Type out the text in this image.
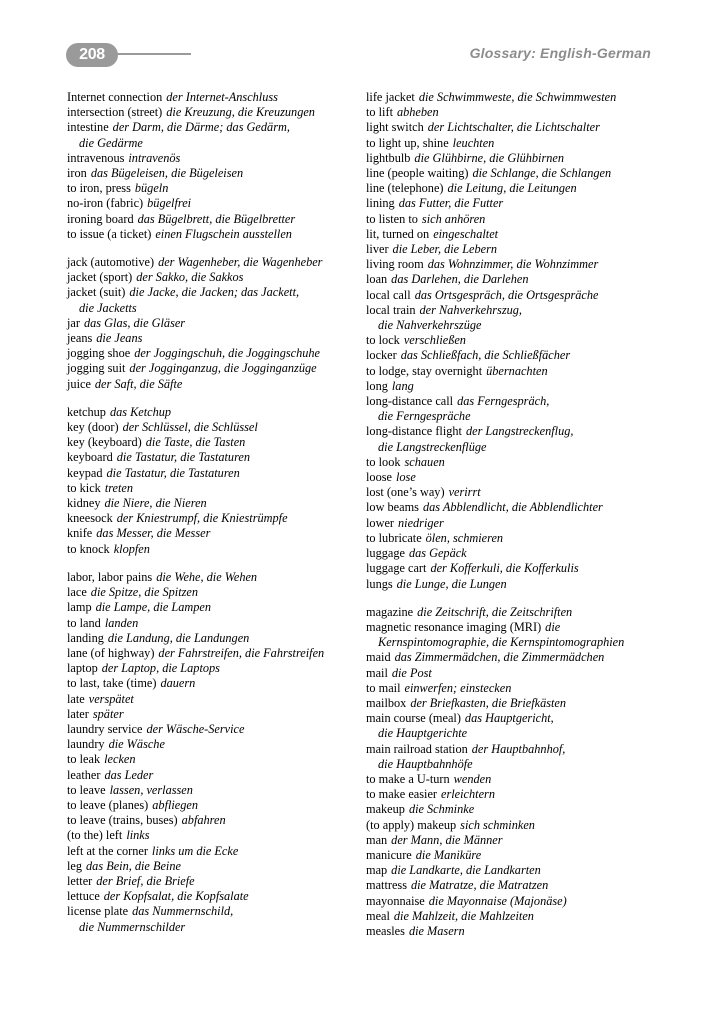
208	Glossary: English-German
Internet connection der Internet-Anschluss
intersection (street) die Kreuzung, die Kreuzungen
intestine der Darm, die Därme; das Gedärm,
die Gedärme
intravenous intravenös
iron das Bügeleisen, die Bügeleisen
to iron, press bügeln
no-iron (fabric) bügelfrei
ironing board das Bügelbrett, die Bügelbretter
to issue (a ticket) einen Flugschein ausstellen
jack (automotive) der Wagenheber, die Wagenheber
jacket (sport) der Sakko, die Sakkos
jacket (suit) die Jacke, die Jacken; das Jackett,
die Jacketts
jar das Glas, die Gläser
jeans die Jeans
jogging shoe der Joggingschuh, die Joggingschuhe
jogging suit der Jogginganzug, die Jogginganzüge
juice der Saft, die Säfte
ketchup das Ketchup
key (door) der Schlüssel, die Schlüssel
key (keyboard) die Taste, die Tasten
keyboard die Tastatur, die Tastaturen
keypad die Tastatur, die Tastaturen
to kick treten
kidney die Niere, die Nieren
kneesock der Kniestrumpf, die Kniestrümpfe
knife das Messer, die Messer
to knock klopfen
labor, labor pains die Wehe, die Wehen
lace die Spitze, die Spitzen
lamp die Lampe, die Lampen
to land landen
landing die Landung, die Landungen
lane (of highway) der Fahrstreifen, die Fahrstreifen
laptop der Laptop, die Laptops
to last, take (time) dauern
late verspätet
later später
laundry service der Wäsche-Service
laundry die Wäsche
to leak lecken
leather das Leder
to leave lassen, verlassen
to leave (planes) abfliegen
to leave (trains, buses) abfahren
(to the) left links
left at the corner links um die Ecke
leg das Bein, die Beine
letter der Brief, die Briefe
lettuce der Kopfsalat, die Kopfsalate
license plate das Nummernschild,
die Nummernschilder
life jacket die Schwimmweste, die Schwimmwesten
to lift abheben
light switch der Lichtschalter, die Lichtschalter
to light up, shine leuchten
lightbulb die Glühbirne, die Glühbirnen
line (people waiting) die Schlange, die Schlangen
line (telephone) die Leitung, die Leitungen
lining das Futter, die Futter
to listen to sich anhören
lit, turned on eingeschaltet
liver die Leber, die Lebern
living room das Wohnzimmer, die Wohnzimmer
loan das Darlehen, die Darlehen
local call das Ortsgespräch, die Ortsgespräche
local train der Nahverkehrszug,
die Nahverkehrszüge
to lock verschließen
locker das Schließfach, die Schließfächer
to lodge, stay overnight übernachten
long lang
long-distance call das Ferngespräch,
die Ferngespräche
long-distance flight der Langstreckenflug,
die Langstreckenflüge
to look schauen
loose lose
lost (one’s way) verirrt
low beams das Abblendlicht, die Abblendlichter
lower niedriger
to lubricate ölen, schmieren
luggage das Gepäck
luggage cart der Kofferkuli, die Kofferkulis
lungs die Lunge, die Lungen
magazine die Zeitschrift, die Zeitschriften
magnetic resonance imaging (MRI) die
Kernspintomographie, die Kernspintomographien
maid das Zimmermädchen, die Zimmermädchen
mail die Post
to mail einwerfen; einstecken
mailbox der Briefkasten, die Briefkästen
main course (meal) das Hauptgericht,
die Hauptgerichte
main railroad station der Hauptbahnhof,
die Hauptbahnhöfe
to make a U-turn wenden
to make easier erleichtern
makeup die Schminke
(to apply) makeup sich schminken
man der Mann, die Männer
manicure die Maniküre
map die Landkarte, die Landkarten
mattress die Matratze, die Matratzen
mayonnaise die Mayonnaise (Majonäse)
meal die Mahlzeit, die Mahlzeiten
measles die Masern
